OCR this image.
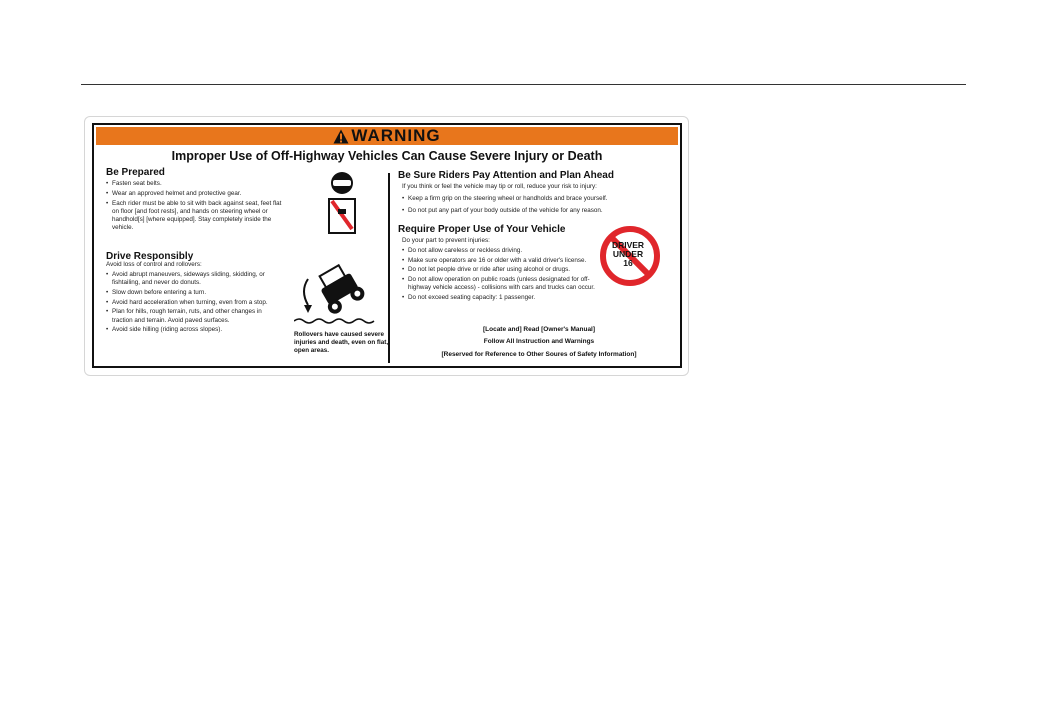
WARNING
Improper Use of Off-Highway Vehicles Can Cause Severe Injury or Death
Be Prepared
• Fasten seat belts.
• Wear an approved helmet and protective gear.
• Each rider must be able to sit with back against seat, feet flat on floor [and foot rests], and hands on steering wheel or handhold[s] [where equipped]. Stay completely inside the vehicle.
Drive Responsibly
Avoid loss of control and rollovers:
• Avoid abrupt maneuvers, sideways sliding, skidding, or fishtailing, and never do donuts.
• Slow down before entering a turn.
• Avoid hard acceleration when turning, even from a stop.
• Plan for hills, rough terrain, ruts, and other changes in traction and terrain. Avoid paved surfaces.
• Avoid side hilling (riding across slopes).
Rollovers have caused severe injuries and death, even on flat, open areas.
Be Sure Riders Pay Attention and Plan Ahead
If you think or feel the vehicle may tip or roll, reduce your risk to injury:
• Keep a firm grip on the steering wheel or handholds and brace yourself.
• Do not put any part of your body outside of the vehicle for any reason.
Require Proper Use of Your Vehicle
Do your part to prevent injuries:
• Do not allow careless or reckless driving.
• Make sure operators are 16 or older with a valid driver's license.
• Do not let people drive or ride after using alcohol or drugs.
• Do not allow operation on public roads (unless designated for off-highway vehicle access) - collisions with cars and trucks can occur.
• Do not exceed seating capacity: 1 passenger.
DRIVER
UNDER
16
[Locate and] Read [Owner's Manual]
Follow All Instruction and Warnings
[Reserved for Reference to Other Soures of Safety Information]
